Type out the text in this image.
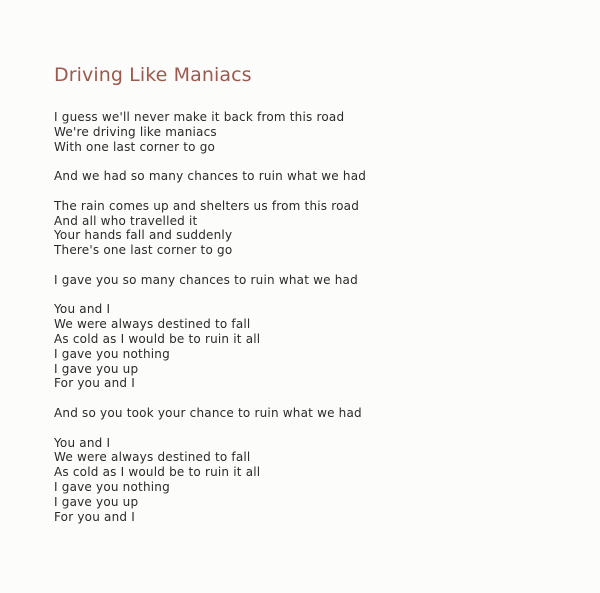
Driving Like Maniacs
I guess we'll never make it back from this road
We're driving like maniacs
With one last corner to go
And we had so many chances to ruin what we had
The rain comes up and shelters us from this road
And all who travelled it
Your hands fall and suddenly
There's one last corner to go
I gave you so many chances to ruin what we had
You and I
We were always destined to fall
As cold as I would be to ruin it all
I gave you nothing
I gave you up
For you and I
And so you took your chance to ruin what we had
You and I
We were always destined to fall
As cold as I would be to ruin it all
I gave you nothing
I gave you up
For you and I
